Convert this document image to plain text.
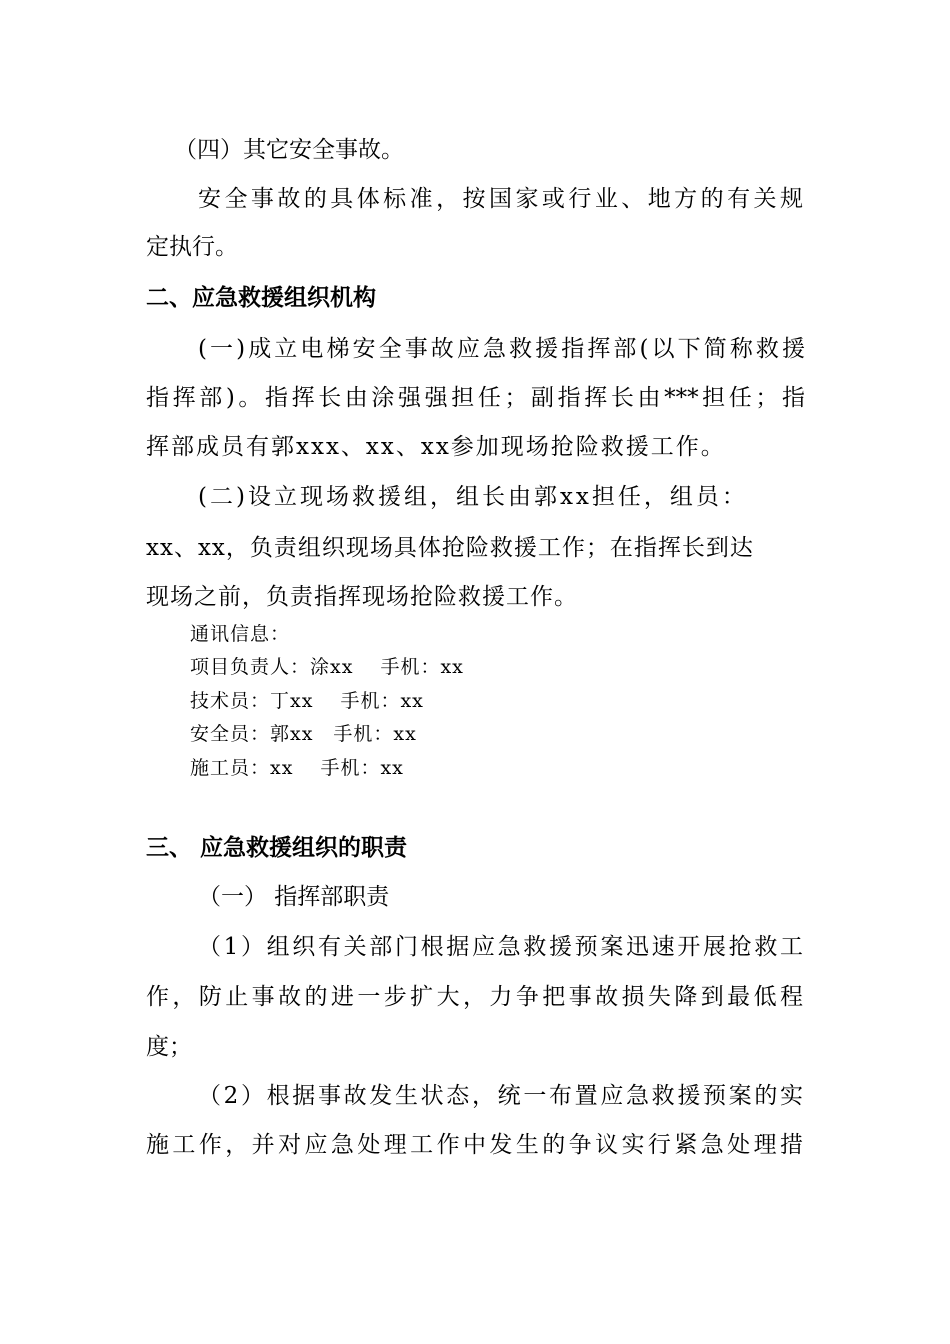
（四）其它安全事故。
安全事故的具体标准，按国家或行业、地方的有关规
定执行。
二、应急救援组织机构
(一)成立电梯安全事故应急救援指挥部(以下简称救援
指挥部)。指挥长由涂强强担任；副指挥长由***担任；指
挥部成员有郭xxx、xx、xx参加现场抢险救援工作。
(二)设立现场救援组，组长由郭xx担任，组员：
xx、xx，负责组织现场具体抢险救援工作；在指挥长到达
现场之前，负责指挥现场抢险救援工作。
通讯信息：
项目负责人：涂xx　 手机：xx
技术员：丁xx　 手机：xx
安全员：郭xx　手机：xx
施工员：xx　 手机：xx
三、 应急救援组织的职责
（一） 指挥部职责
（1）组织有关部门根据应急救援预案迅速开展抢救工
作，防止事故的进一步扩大，力争把事故损失降到最低程
度；
（2）根据事故发生状态，统一布置应急救援预案的实
施工作，并对应急处理工作中发生的争议实行紧急处理措
